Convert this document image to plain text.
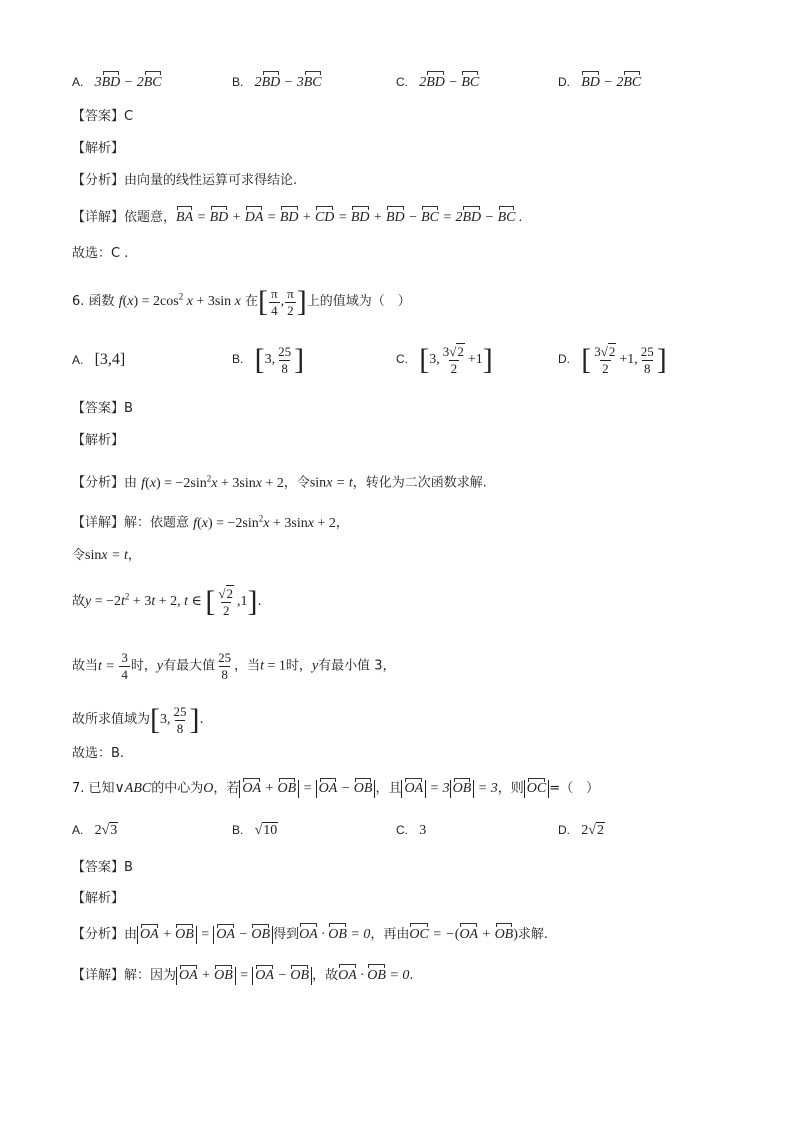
A. 3BD − 2BC	B. 2BD − 3BC	C. 2BD − BC	D. BD − 2BC
【答案】C
【解析】
【分析】由向量的线性运算可求得结论.
【详解】依题意，BA = BD + DA = BD + CD = BD + BD − BC = 2BD − BC .
故选：C .
6. 函数 $f(x) = 2\cos^2$ x + 3sin x 在[ $\frac{\pi}{4}$ , $\frac{\pi}{2}$ ]上的值域为（　）
A. [3,4]	B. [3, $\frac{25}{8}$ ]	C. [3, $\frac{3√2}{2} +1$]	D. [ $\frac{3√2}{2} +1$, $\frac{25}{8}$ ]
【答案】B
【解析】
【分析】由 $f(x) = -2\sin^2x + 3\sin x + 2$，令sinx = t，转化为二次函数求解.
【详解】解：依题意 $f(x) = -2\sin^2x + 3\sin x + 2$，
令sinx = t，
故$y = -2t^2 + 3t + 2$, t ∈ [ $\frac{√2}{2} ,1$].
故当$t = \frac{3}{4}$ 时，y有最大值 $\frac{25}{8}$ ，当t = 1时，y有最小值 3，
故所求值域为[3, $\frac{25}{8}$ ].
故选：B.
7. 已知∨ABC的中心为O，若 OA + OB = OA − OB ，且 OA = 3 OB = 3，则 OC =（　）
A. 2√3	B. √10	C. 3	D. 2√2
【答案】B
【解析】
【分析】由 OA + OB = OA − OB 得到OA · OB = 0，再由OC = −(OA + OB)求解.
【详解】解：因为 OA + OB = OA − OB ，故OA · OB = 0.
